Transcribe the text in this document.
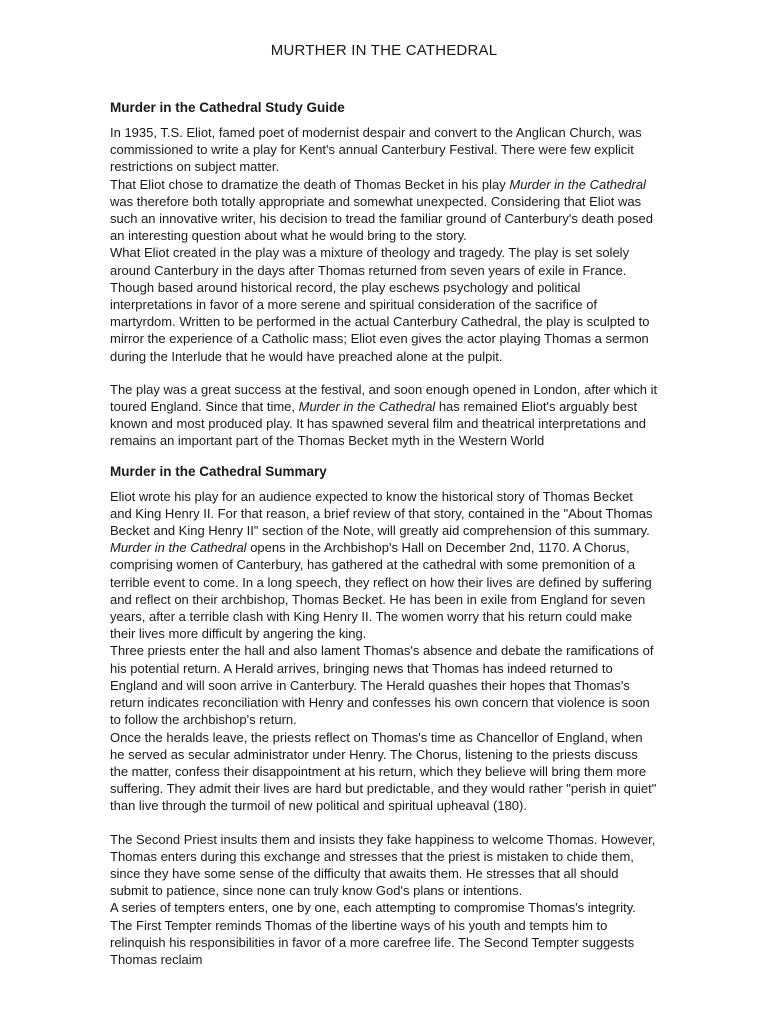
MURTHER IN THE CATHEDRAL
Murder in the Cathedral Study Guide

In 1935, T.S. Eliot, famed poet of modernist despair and convert to the Anglican Church, was commissioned to write a play for Kent's annual Canterbury Festival. There were few explicit restrictions on subject matter.

That Eliot chose to dramatize the death of Thomas Becket in his play Murder in the Cathedral was therefore both totally appropriate and somewhat unexpected. Considering that Eliot was such an innovative writer, his decision to tread the familiar ground of Canterbury's death posed an interesting question about what he would bring to the story.

What Eliot created in the play was a mixture of theology and tragedy. The play is set solely around Canterbury in the days after Thomas returned from seven years of exile in France. Though based around historical record, the play eschews psychology and political interpretations in favor of a more serene and spiritual consideration of the sacrifice of martyrdom. Written to be performed in the actual Canterbury Cathedral, the play is sculpted to mirror the experience of a Catholic mass; Eliot even gives the actor playing Thomas a sermon during the Interlude that he would have preached alone at the pulpit.

The play was a great success at the festival, and soon enough opened in London, after which it toured England. Since that time, Murder in the Cathedral has remained Eliot's arguably best known and most produced play. It has spawned several film and theatrical interpretations and remains an important part of the Thomas Becket myth in the Western World

Murder in the Cathedral Summary

Eliot wrote his play for an audience expected to know the historical story of Thomas Becket and King Henry II. For that reason, a brief review of that story, contained in the "About Thomas Becket and King Henry II" section of the Note, will greatly aid comprehension of this summary.

Murder in the Cathedral opens in the Archbishop's Hall on December 2nd, 1170. A Chorus, comprising women of Canterbury, has gathered at the cathedral with some premonition of a terrible event to come. In a long speech, they reflect on how their lives are defined by suffering and reflect on their archbishop, Thomas Becket. He has been in exile from England for seven years, after a terrible clash with King Henry II. The women worry that his return could make their lives more difficult by angering the king.

Three priests enter the hall and also lament Thomas's absence and debate the ramifications of his potential return. A Herald arrives, bringing news that Thomas has indeed returned to England and will soon arrive in Canterbury. The Herald quashes their hopes that Thomas's return indicates reconciliation with Henry and confesses his own concern that violence is soon to follow the archbishop's return.

Once the heralds leave, the priests reflect on Thomas's time as Chancellor of England, when he served as secular administrator under Henry. The Chorus, listening to the priests discuss the matter, confess their disappointment at his return, which they believe will bring them more suffering. They admit their lives are hard but predictable, and they would rather "perish in quiet" than live through the turmoil of new political and spiritual upheaval (180).

The Second Priest insults them and insists they fake happiness to welcome Thomas. However, Thomas enters during this exchange and stresses that the priest is mistaken to chide them, since they have some sense of the difficulty that awaits them. He stresses that all should submit to patience, since none can truly know God's plans or intentions.

A series of tempters enters, one by one, each attempting to compromise Thomas's integrity.

The First Tempter reminds Thomas of the libertine ways of his youth and tempts him to relinquish his responsibilities in favor of a more carefree life. The Second Tempter suggests Thomas reclaim
